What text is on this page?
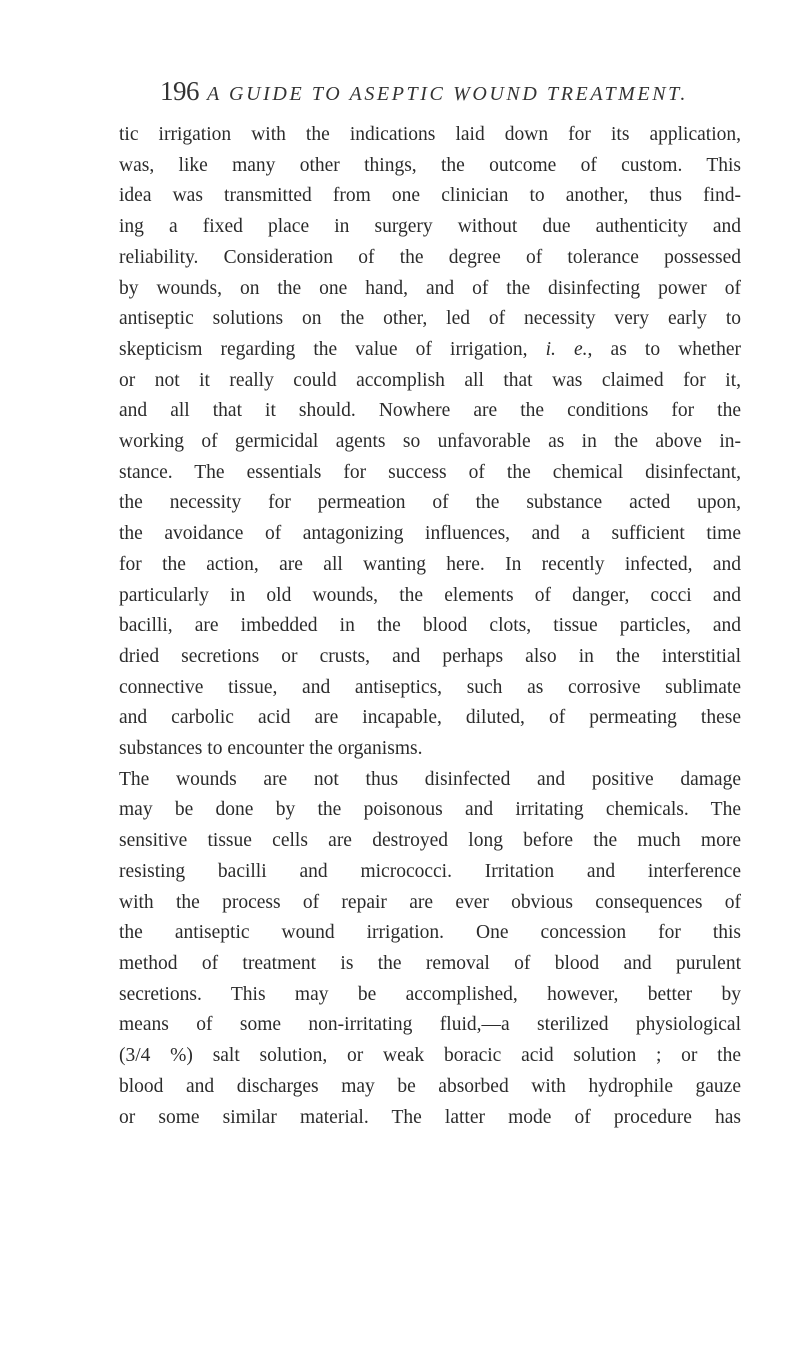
196 A GUIDE TO ASEPTIC WOUND TREATMENT.
tic irrigation with the indications laid down for its application,
was, like many other things, the outcome of custom. This
idea was transmitted from one clinician to another, thus find-
ing a fixed place in surgery without due authenticity and
reliability. Consideration of the degree of tolerance possessed
by wounds, on the one hand, and of the disinfecting power of
antiseptic solutions on the other, led of necessity very early to
skepticism regarding the value of irrigation, i. e., as to whether
or not it really could accomplish all that was claimed for it,
and all that it should. Nowhere are the conditions for the
working of germicidal agents so unfavorable as in the above in-
stance. The essentials for success of the chemical disinfectant,
the necessity for permeation of the substance acted upon,
the avoidance of antagonizing influences, and a sufficient time
for the action, are all wanting here. In recently infected, and
particularly in old wounds, the elements of danger, cocci and
bacilli, are imbedded in the blood clots, tissue particles, and
dried secretions or crusts, and perhaps also in the interstitial
connective tissue, and antiseptics, such as corrosive sublimate
and carbolic acid are incapable, diluted, of permeating these
substances to encounter the organisms.
The wounds are not thus disinfected and positive damage
may be done by the poisonous and irritating chemicals. The
sensitive tissue cells are destroyed long before the much more
resisting bacilli and micrococci. Irritation and interference
with the process of repair are ever obvious consequences of
the antiseptic wound irrigation. One concession for this
method of treatment is the removal of blood and purulent
secretions. This may be accomplished, however, better by
means of some non-irritating fluid,—a sterilized physiological
(3/4 %) salt solution, or weak boracic acid solution ; or the
blood and discharges may be absorbed with hydrophile gauze
or some similar material. The latter mode of procedure has
